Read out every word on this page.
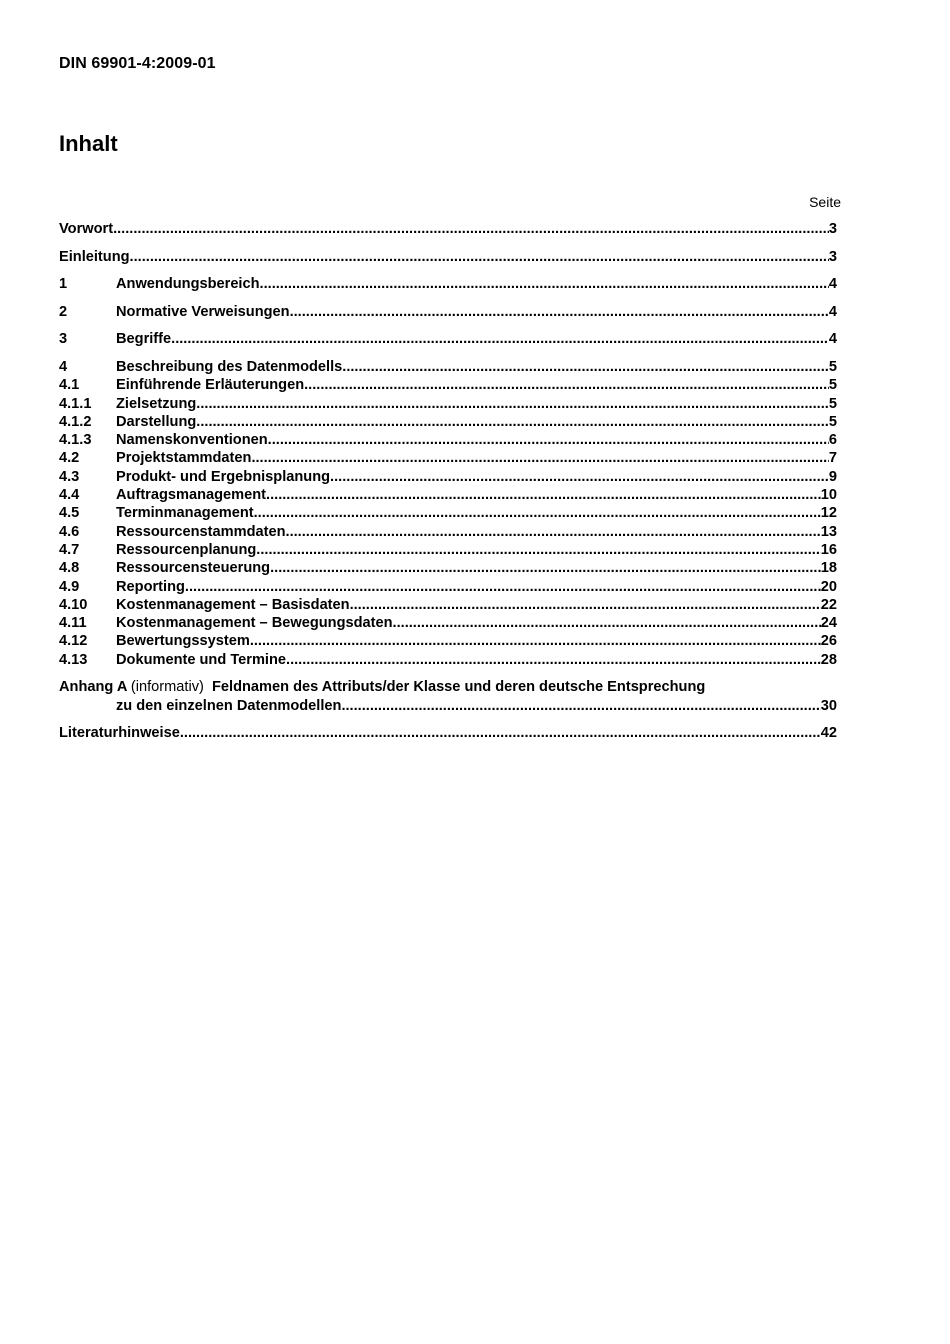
DIN 69901-4:2009-01
Inhalt
Seite
Vorwort .....	3
Einleitung .....	3
1	Anwendungsbereich .....	4
2	Normative Verweisungen .....	4
3	Begriffe .....	4
4	Beschreibung des Datenmodells .....	5
4.1	Einführende Erläuterungen .....	5
4.1.1	Zielsetzung .....	5
4.1.2	Darstellung .....	5
4.1.3	Namenskonventionen .....	6
4.2	Projektstammdaten .....	7
4.3	Produkt- und Ergebnisplanung .....	9
4.4	Auftragsmanagement .....	10
4.5	Terminmanagement .....	12
4.6	Ressourcenstammdaten .....	13
4.7	Ressourcenplanung .....	16
4.8	Ressourcensteuerung .....	18
4.9	Reporting .....	20
4.10	Kostenmanagement – Basisdaten .....	22
4.11	Kostenmanagement – Bewegungsdaten .....	24
4.12	Bewertungssystem .....	26
4.13	Dokumente und Termine .....	28
Anhang A (informativ) Feldnamen des Attributs/der Klasse und deren deutsche Entsprechung
zu den einzelnen Datenmodellen .....	30
Literaturhinweise .....	42
